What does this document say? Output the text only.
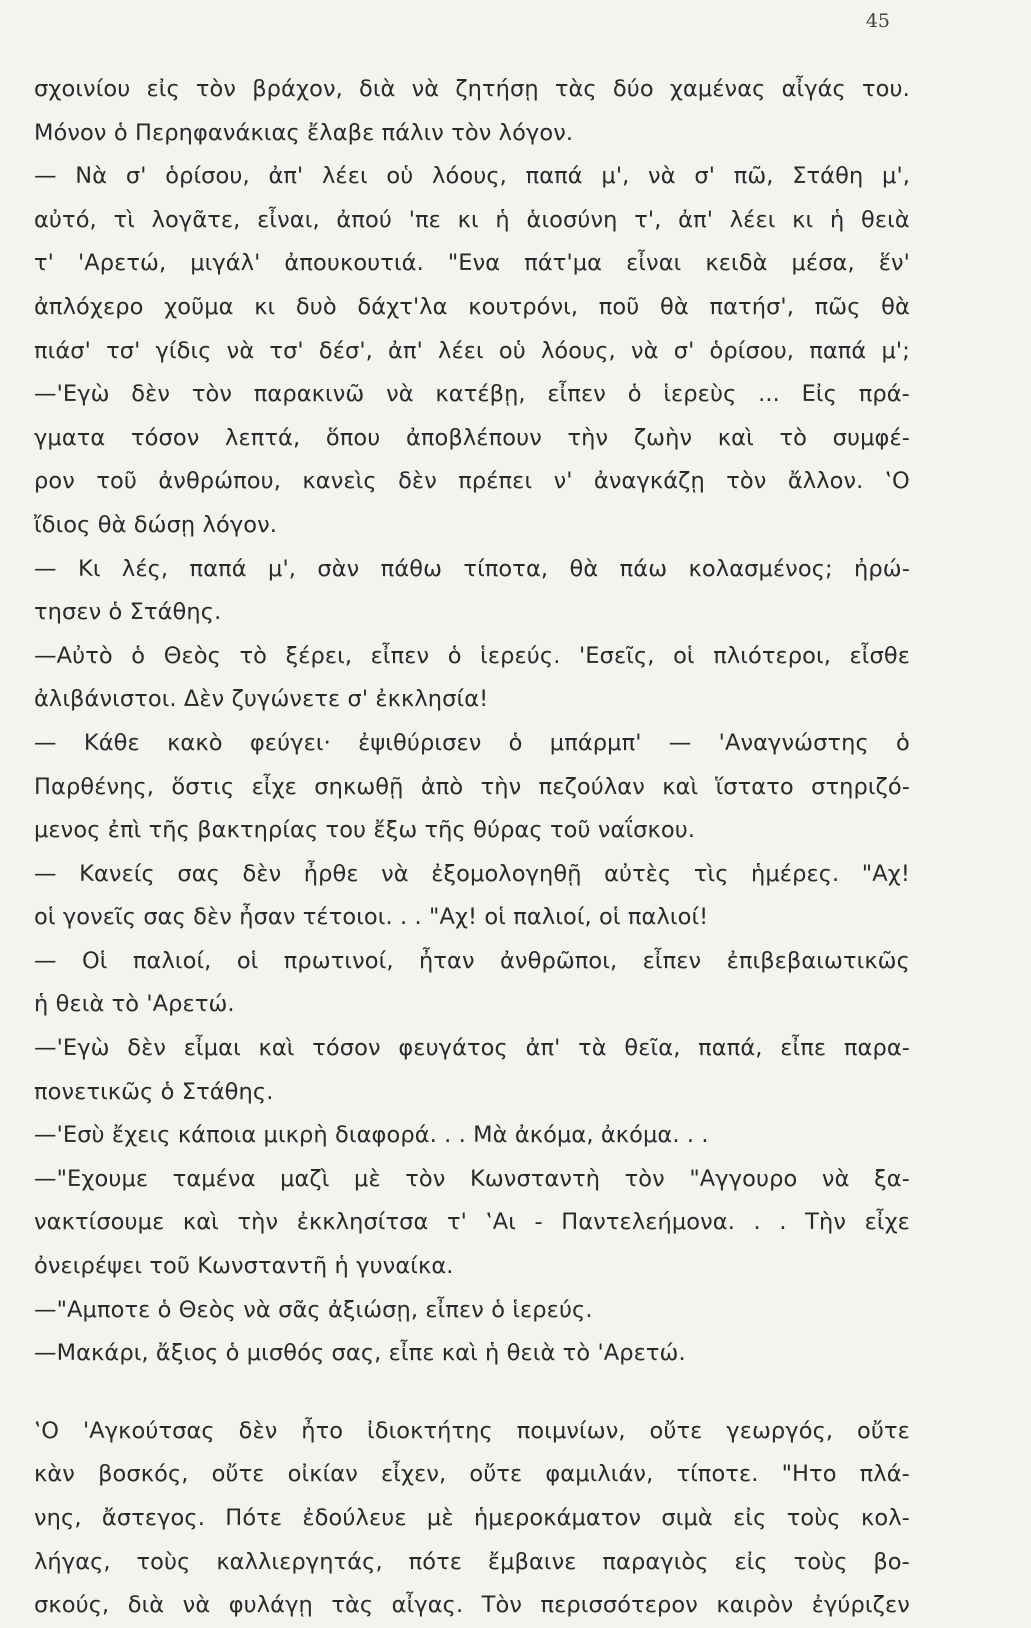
45
σχοινίου εἰς τὸν βράχον, διὰ νὰ ζητήσῃ τὰς δύο χαμένας αἶγάς του.
Μόνον ὁ Περηφανάκιας ἔλαβε πάλιν τὸν λόγον.
— Νὰ σ' ὁρίσου, ἀπ' λέει οὑ λόους, παπά μ', νὰ σ' πῶ, Στάθη μ',
αὐτό, τὶ λογᾶτε, εἶναι, ἀπού 'πε κι ἡ ἁιοσύνη τ', ἀπ' λέει κι ἡ θειὰ
τ' 'Αρετώ, μιγάλ' ἀπουκουτιά. "Ενα πάτ'μα εἶναι κειδὰ μέσα, ἕν'
ἀπλόχερο χοῦμα κι δυὸ δάχτ'λα κουτρόνι, ποῦ θὰ πατήσ', πῶς θὰ
πιάσ' τσ' γίδις νὰ τσ' δέσ', ἀπ' λέει οὑ λόους, νὰ σ' ὁρίσου, παπά μ';
—'Εγὼ δὲν τὸν παρακινῶ νὰ κατέβῃ, εἶπεν ὁ ἱερεὺς ... Εἰς πρά-
γματα τόσον λεπτά, ὅπου ἀποβλέπουν τὴν ζωὴν καὶ τὸ συμφέ-
ρον τοῦ ἀνθρώπου, κανεὶς δὲν πρέπει ν' ἀναγκάζῃ τὸν ἄλλον. ‛Ο
ἴδιος θὰ δώσῃ λόγον.
— Κι λές, παπά μ', σὰν πάθω τίποτα, θὰ πάω κολασμένος; ἠρώ-
τησεν ὁ Στάθης.
—Αὐτὸ ὁ Θεὸς τὸ ξέρει, εἶπεν ὁ ἱερεύς. 'Εσεῖς, οἱ πλιότεροι, εἶσθε
ἀλιβάνιστοι. Δὲν ζυγώνετε σ' ἐκκλησία!
— Κάθε κακὸ φεύγει· ἐψιθύρισεν ὁ μπάρμπ' — 'Αναγνώστης ὁ
Παρθένης, ὅστις εἶχε σηκωθῇ ἀπὸ τὴν πεζούλαν καὶ ἵστατο στηριζό-
μενος ἐπὶ τῆς βακτηρίας του ἔξω τῆς θύρας τοῦ ναΐσκου.
— Κανείς σας δὲν ἦρθε νὰ ἐξομολογηθῇ αὐτὲς τὶς ἡμέρες. "Αχ!
οἱ γονεῖς σας δὲν ἦσαν τέτοιοι. . . "Αχ! οἱ παλιοί, οἱ παλιοί!
— Οἱ παλιοί, οἱ πρωτινοί, ἦταν ἀνθρῶποι, εἶπεν ἐπιβεβαιωτικῶς
ἡ θειὰ τὸ 'Αρετώ.
—'Εγὼ δὲν εἶμαι καὶ τόσον φευγάτος ἀπ' τὰ θεῖα, παπά, εἶπε παρα-
πονετικῶς ὁ Στάθης.
—'Εσὺ ἔχεις κάποια μικρὴ διαφορά. . . Μὰ ἀκόμα, ἀκόμα. . .
—"Εχουμε ταμένα μαζὶ μὲ τὸν Κωνσταντὴ τὸν "Αγγουρο νὰ ξα-
νακτίσουμε καὶ τὴν ἐκκλησίτσα τ' ‛Αι - Παντελεήμονα. . . Τὴν εἶχε
ὀνειρέψει τοῦ Κωνσταντῆ ἡ γυναίκα.
—"Αμποτε ὁ Θεὸς νὰ σᾶς ἀξιώσῃ, εἶπεν ὁ ἱερεύς.
—Μακάρι, ἄξιος ὁ μισθός σας, εἶπε καὶ ἡ θειὰ τὸ 'Αρετώ.
‛Ο 'Αγκούτσας δὲν ἦτο ἰδιοκτήτης ποιμνίων, οὔτε γεωργός, οὔτε
κὰν βοσκός, οὔτε οἰκίαν εἶχεν, οὔτε φαμιλιάν, τίποτε. "Ητο πλά-
νης, ἄστεγος. Πότε ἐδούλευε μὲ ἡμεροκάματον σιμὰ εἰς τοὺς κολ-
λήγας, τοὺς καλλιεργητάς, πότε ἔμβαινε παραγιὸς εἰς τοὺς βο-
σκούς, διὰ νὰ φυλάγῃ τὰς αἶγας. Τὸν περισσότερον καιρὸν ἐγύριζεν
